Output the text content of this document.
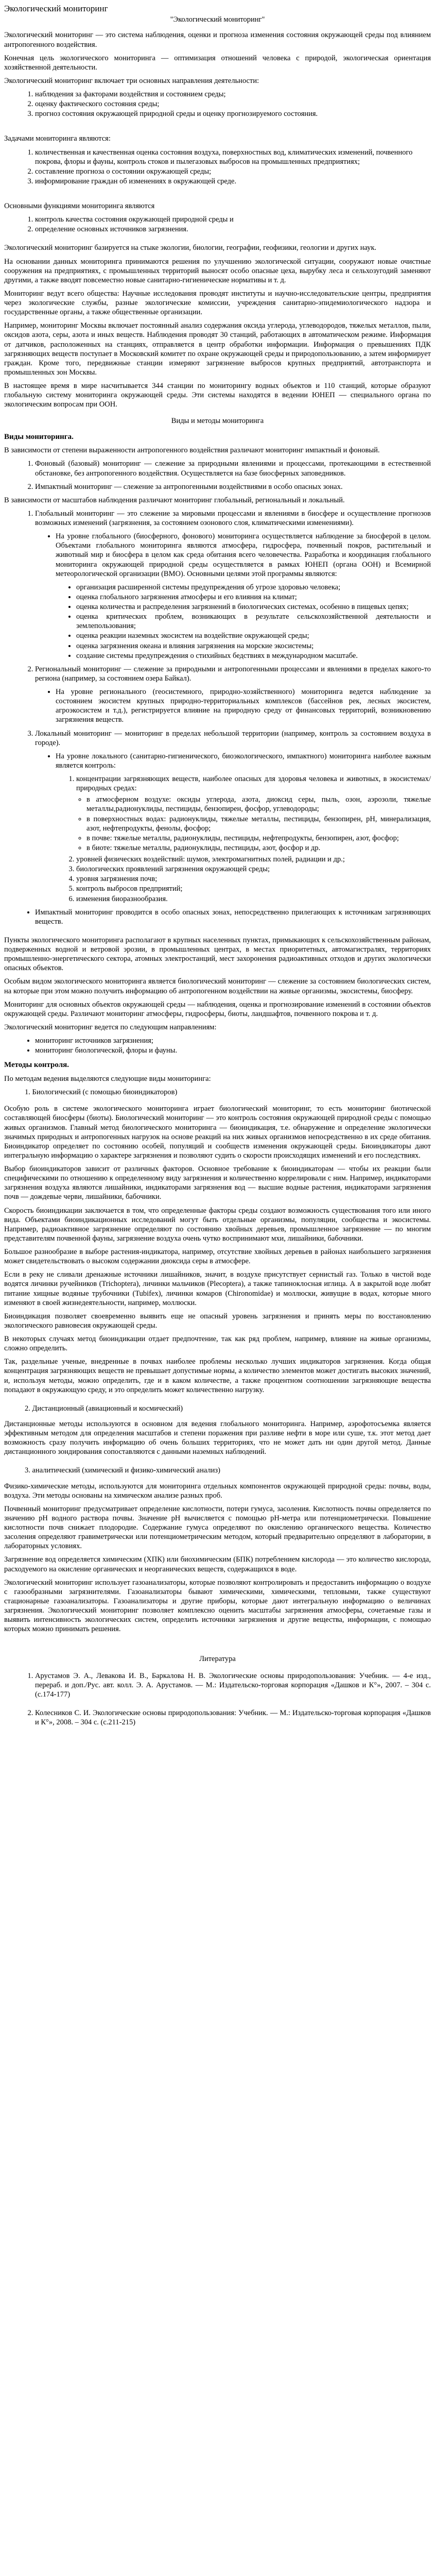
Экологический мониторинг
"Экологический мониторинг"

Экологический мониторинг — это система наблюдения, оценки и прогноза изменения состояния окружающей среды под влиянием антропогенного воздействия.

Конечная цель экологического мониторинга — оптимизация отношений человека с природой, экологическая ориентация хозяйственной деятельности.

Экологический мониторинг включает три основных направления деятельности:

1. наблюдения за факторами воздействия и состоянием среды;
2. оценку фактического состояния среды;
3. прогноз состояния окружающей природной среды и оценку прогнозируемого состояния.

Задачами мониторинга являются:

1. количественная и качественная оценка состояния воздуха, поверхностных вод, климатических изменений, почвенного покрова, флоры и фауны, контроль стоков и пылегазовых выбросов на промышленных предприятиях;
2. составление прогноза о состоянии окружающей среды;
3. информирование граждан об изменениях в окружающей среде.

Основными функциями мониторинга являются

1. контроль качества состояния окружающей природной среды и
2. определение основных источников загрязнения.

Экологический мониторинг базируется на стыке экологии, биологии, географии, геофизики, геологии и других наук.

На основании данных мониторинга принимаются решения по улучшению экологической ситуации, сооружают новые очистные сооружения на предприятиях, с промышленных территорий выносят особо опасные цеха, вырубку леса и сельхозугодий заменяют другими, а также вводят повсеместно новые санитарно-гигиенические нормативы и т. д.

Мониторинг ведут всего общества: Научные исследования проводят институты и научно-исследовательские центры, предприятия через экологические службы, разные экологические комиссии, учреждения санитарно-эпидемиологического надзора и государственные органы, а также общественные организации.

Например, мониторинг Москвы включает постоянный анализ содержания оксида углерода, углеводородов, тяжелых металлов, пыли, оксидов азота, серы, азота и иных веществ. Наблюдения проводят 30 станций, работающих в автоматическом режиме. Информация от датчиков, расположенных на станциях, отправляется в центр обработки информации. Информация о превышениях ПДК загрязняющих веществ поступает в Московский комитет по охране окружающей среды и природопользованию, а затем информирует граждан. Кроме того, передвижные станции измеряют загрязнение выбросов крупных предприятий, автотранспорта и промышленных зон Москвы.

В настоящее время в мире насчитывается 344 станции по мониторингу водных объектов и 110 станций, которые образуют глобальную систему мониторинга окружающей среды. Эти системы находятся в ведении ЮНЕП — специального органа по экологическим вопросам при ООН.

Виды и методы мониторинга
Виды мониторинга.

В зависимости от степени выраженности антропогенного воздействия различают мониторинг импактный и фоновый.

1. Фоновый (базовый) мониторинг — слежение за природными явлениями и процессами, протекающими в естественной обстановке, без антропогенного воздействия. Осуществляется на базе биосферных заповедников.
2. Импактный мониторинг — слежение за антропогенными воздействиями в особо опасных зонах.

В зависимости от масштабов наблюдения различают мониторинг глобальный, региональный и локальный.

1. Глобальный мониторинг — это слежение за мировыми процессами и явлениями в биосфере и осуществление прогнозов возможных изменений (загрязнения, за состоянием озонового слоя, климатическими изменениями).
• На уровне глобального (биосферного, фонового) мониторинга осуществляется наблюдение за биосферой в целом. Объектами глобального мониторинга являются атмосфера, гидросфера, почвенный покров, растительный и животный мир и биосфера в целом как среда обитания всего человечества. Разработка и координация глобального мониторинга окружающей природной среды осуществляется в рамках ЮНЕП (органа ООН) и Всемирной метеорологической организации (ВМО). Основными целями этой программы являются:
• организация расширенной системы предупреждения об угрозе здоровью человека;
• оценка глобального загрязнения атмосферы и его влияния на климат;
• оценка количества и распределения загрязнений в биологических системах, особенно в пищевых цепях;
• оценка критических проблем, возникающих в результате сельскохозяйственной деятельности и землепользования;
• оценка реакции наземных экосистем на воздействие окружающей среды;
• оценка загрязнения океана и влияния загрязнения на морские экосистемы;
• создание системы предупреждения о стихийных бедствиях в международном масштабе.
2. Региональный мониторинг — слежение за природными и антропогенными процессами и явлениями в пределах какого-то региона (например, за состоянием озера Байкал).
• На уровне регионального (геосистемного, природно-хозяйственного) мониторинга ведется наблюдение за состоянием экосистем крупных природно-территориальных комплексов (бассейнов рек, лесных экосистем, агроэкосистем и т.д.), регистрируется влияние на природную среду от финансовых территорий, возникновению загрязнения веществ.
3. Локальный мониторинг — мониторинг в пределах небольшой территории (например, контроль за состоянием воздуха в городе).
• На уровне локального (санитарно-гигиенического, биоэкологического, импактного) мониторинга наиболее важным является контроль:
1. концентрации загрязняющих веществ, наиболее опасных для здоровья человека и животных, в экосистемах/природных средах:
◦ в атмосферном воздухе: оксиды углерода, азота, диоксид серы, пыль, озон, аэрозоли, тяжелые металлы,радионуклиды, пестициды, бензопирен, фосфор, углеводороды;
◦ в поверхностных водах: радионуклиды, тяжелые металлы, пестициды, бензопирен, pH, минерализация, азот, нефтепродукты, фенолы, фосфор;
◦ в почве: тяжелые металлы, радионуклиды, пестициды, нефтепродукты, бензопирен, азот, фосфор;
◦ в биоте: тяжелые металлы, радионуклиды, пестициды, азот, фосфор и др.
2. уровней физических воздействий: шумов, электромагнитных полей, радиации и др.;
3. биологических проявлений загрязнения окружающей среды;
4. уровня загрязнения почв;
5. контроль выбросов предприятий;
6. изменения биоразнообразия.
• Импактный мониторинг проводится в особо опасных зонах, непосредственно прилегающих к источникам загрязняющих веществ.

Пункты экологического мониторинга располагают в крупных населенных пунктах, примыкающих к сельскохозяйственным районам, подверженных водной и ветровой эрозии, в промышленных центрах, в местах приоритетных, автомагистралях, территориях промышленно-энергетического сектора, атомных электростанций, мест захоронения радиоактивных отходов и других экологически опасных объектов.

Особым видом экологического мониторинга является биологический мониторинг — слежение за состоянием биологических систем, на которые при этом можно получить информацию об антропогенном воздействии на живые организмы, экосистемы, биосферу.

Мониторинг для основных объектов окружающей среды — наблюдения, оценка и прогнозирование изменений в состоянии объектов окружающей среды. Различают мониторинг атмосферы, гидросферы, биоты, ландшафтов, почвенного покрова и т. д.

Экологический мониторинг ведется по следующим направлениям:

• мониторинг источников загрязнения;
• мониторинг биологической, флоры и фауны.
Методы контроля.

По методам ведения выделяются следующие виды мониторинга:

1. Биологический (с помощью биоиндикаторов)

Особую роль в системе экологического мониторинга играет биологический мониторинг, то есть мониторинг биотической составляющей биосферы (биоты). Биологический мониторинг — это контроль состояния окружающей природной среды с помощью живых организмов. Главный метод биологического мониторинга — биоиндикация, т.е. обнаружение и определение экологически значимых природных и антропогенных нагрузок на основе реакций на них живых организмов непосредственно в их среде обитания. Биоиндикатор определяет по состоянию особей, популяций и сообществ изменения окружающей среды. Биоиндикаторы дают интегральную информацию о характере загрязнения и позволяют судить о скорости происходящих изменений и его последствиях.

Выбор биоиндикаторов зависит от различных факторов. Основное требование к биоиндикаторам — чтобы их реакции были специфическими по отношению к определенному виду загрязнения и количественно коррелировали с ним. Например, индикаторами загрязнения воздуха являются лишайники, индикаторами загрязнения вод — высшие водные растения, индикаторами загрязнения почв — дождевые черви, лишайники, бабочники.

Скорость биоиндикации заключается в том, что определенные факторы среды создают возможность существования того или иного вида. Объектами биоиндикационных исследований могут быть отдельные организмы, популяции, сообщества и экосистемы. Например, радиоактивное загрязнение определяют по состоянию хвойных деревьев, промышленное загрязнение — по многим представителям почвенной фауны, загрязнение воздуха очень чутко воспринимают мхи, лишайники, бабочники.

Большое разнообразие в выборе растения-индикатора, например, отсутствие хвойных деревьев в районах наибольшего загрязнения может свидетельствовать о высоком содержании диоксида серы в атмосфере.

Если в реку не сливали дренажные источники лишайников, значит, в воздухе присутствует сернистый газ. Только в чистой воде водятся личинки ручейников (Trichoptera), личинки мальчиков (Plecoptera), а также тапиноклосная иглица. А в закрытой воде любят питание хищные водяные трубочники (Tubifex), личинки комаров (Chironomidae) и моллюски, живущие в водах, которые много изменяют в своей жизнедеятельности, например, моллюски.

Биоиндикация позволяет своевременно выявить еще не опасный уровень загрязнения и принять меры по восстановлению экологического равновесия окружающей среды.

В некоторых случаях метод биоиндикации отдает предпочтение, так как ряд проблем, например, влияние на живые организмы, сложно определить.

Так, раздельные ученые, внедренные в почвах наиболее проблемы несколько лучших индикаторов загрязнения. Когда общая концентрация загрязняющих веществ не превышает допустимые нормы, а количество элементов может достигать высоких значений, и, используя методы, можно определить, где и в каком количестве, а также процентном соотношении загрязняющие вещества попадают в окружающую среду, и это определить может количественно нагрузку.

2. Дистанционный (авиационный и космический)

Дистанционные методы используются в основном для ведения глобального мониторинга. Например, аэрофотосъемка является эффективным методом для определения масштабов и степени поражения при разливе нефти в море или суше, т.к. этот метод дает возможность сразу получить информацию об очень больших территориях, что не может дать ни один другой метод. Данные дистанционного зондирования сопоставляются с данными наземных наблюдений.

3. аналитический (химический и физико-химический анализ)

Физико-химические методы, используются для мониторинга отдельных компонентов окружающей природной среды: почвы, воды, воздуха. Эти методы основаны на химическом анализе разных проб.

Почвенный мониторинг предусматривает определение кислотности, потери гумуса, засоления. Кислотность почвы определяется по значению pH водного раствора почвы. Значение pH вычисляется с помощью pH-метра или потенциометрически. Повышение кислотности почв снижает плодородие. Содержание гумуса определяют по окислению органического вещества. Количество засоления определяют гравиметрически или потенциометрическим методом, который предварительно определяют в лаборатории, в лабораторных условиях.

Загрязнение вод определяется химическим (ХПК) или биохимическим (БПК) потреблением кислорода — это количество кислорода, расходуемого на окисление органических и неорганических веществ, содержащихся в воде.

Экологический мониторинг использует газоанализаторы, которые позволяют контролировать и предоставить информацию о воздухе с газообразными загрязнителями. Газоанализаторы бывают химическими, химическими, тепловыми, также существуют стационарные газоанализаторы. Газоанализаторы и другие приборы, которые дают интегральную информацию о величинах загрязнения. Экологический мониторинг позволяет комплексно оценить масштабы загрязнения атмосферы, сочетаемые газы и выявить интенсивность экологических систем, определить источники загрязнения и другие вещества, информации, с помощью которых можно принимать решения.

Литература
1. Арустамов Э. А., Левакова И. В., Баркалова Н. В. Экологические основы природопользования: Учебник. — 4-е изд., перераб. и доп./Рус. авт. колл. Э. А. Арустамов. — М.: Издательско-торговая корпорация «Дашков и К°», 2007. – 304 с. (с.174-177)
2. Колесников С. И. Экологические основы природопользования: Учебник. — М.: Издательско-торговая корпорация «Дашков и К°», 2008. – 304 с. (с.211-215)
